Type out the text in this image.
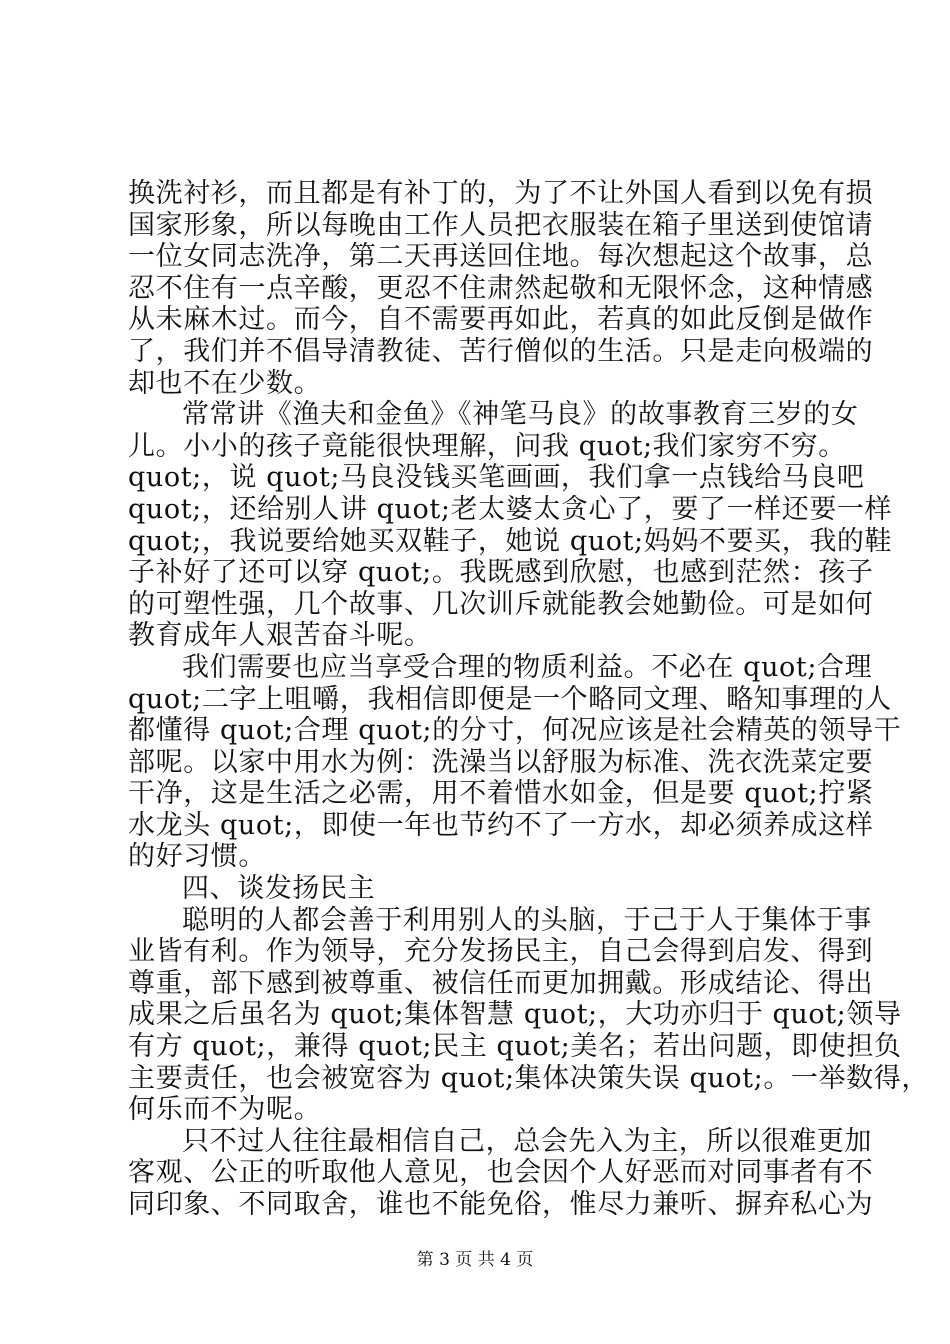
换洗衬衫，而且都是有补丁的，为了不让外国人看到以免有损
国家形象，所以每晚由工作人员把衣服装在箱子里送到使馆请
一位女同志洗净，第二天再送回住地。每次想起这个故事，总
忍不住有一点辛酸，更忍不住肃然起敬和无限怀念，这种情感
从未麻木过。而今，自不需要再如此，若真的如此反倒是做作
了，我们并不倡导清教徒、苦行僧似的生活。只是走向极端的
却也不在少数。
常常讲《渔夫和金鱼》《神笔马良》的故事教育三岁的女
儿。小小的孩子竟能很快理解，问我 quot;我们家穷不穷。
quot;，说 quot;马良没钱买笔画画，我们拿一点钱给马良吧
quot;，还给别人讲 quot;老太婆太贪心了，要了一样还要一样
quot;，我说要给她买双鞋子，她说 quot;妈妈不要买，我的鞋
子补好了还可以穿 quot;。我既感到欣慰，也感到茫然：孩子
的可塑性强，几个故事、几次训斥就能教会她勤俭。可是如何
教育成年人艰苦奋斗呢。
我们需要也应当享受合理的物质利益。不必在 quot;合理
quot;二字上咀嚼，我相信即便是一个略同文理、略知事理的人
都懂得 quot;合理 quot;的分寸，何况应该是社会精英的领导干
部呢。以家中用水为例：洗澡当以舒服为标准、洗衣洗菜定要
干净，这是生活之必需，用不着惜水如金，但是要 quot;拧紧
水龙头 quot;，即使一年也节约不了一方水，却必须养成这样
的好习惯。
四、谈发扬民主
聪明的人都会善于利用别人的头脑，于己于人于集体于事
业皆有利。作为领导，充分发扬民主，自己会得到启发、得到
尊重，部下感到被尊重、被信任而更加拥戴。形成结论、得出
成果之后虽名为 quot;集体智慧 quot;，大功亦归于 quot;领导
有方 quot;，兼得 quot;民主 quot;美名；若出问题，即使担负
主要责任，也会被宽容为 quot;集体决策失误 quot;。一举数得，
何乐而不为呢。
只不过人往往最相信自己，总会先入为主，所以很难更加
客观、公正的听取他人意见，也会因个人好恶而对同事者有不
同印象、不同取舍，谁也不能免俗，惟尽力兼听、摒弃私心为
第 3 页 共 4 页
